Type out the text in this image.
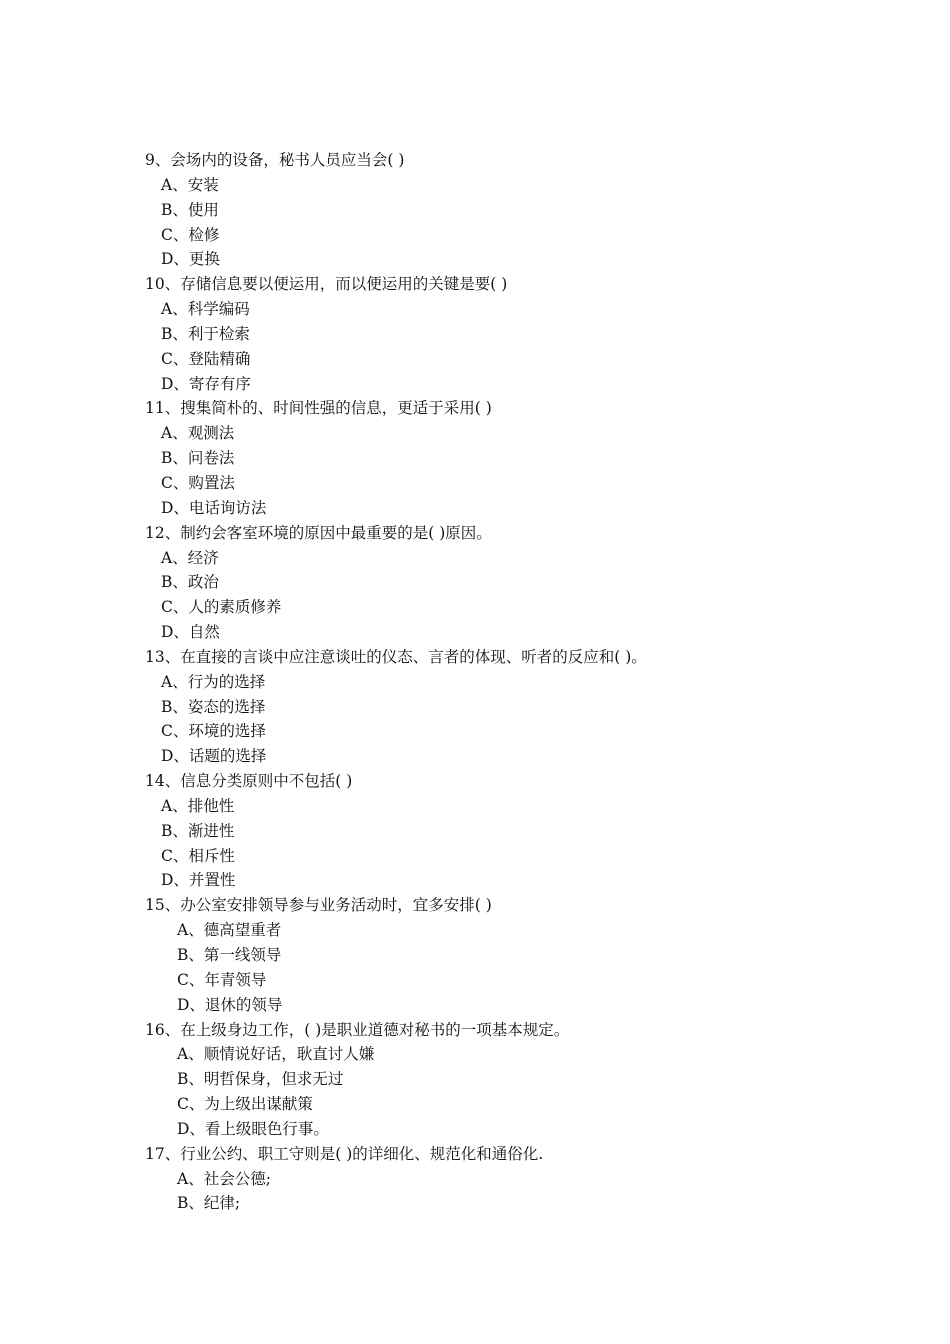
9、会场内的设备，秘书人员应当会( )
A、安装
B、使用
C、检修
D、更换
10、存储信息要以便运用，而以便运用的关键是要( )
A、科学编码
B、利于检索
C、登陆精确
D、寄存有序
11、搜集简朴的、时间性强的信息，更适于采用( )
A、观测法
B、问卷法
C、购置法
D、电话询访法
12、制约会客室环境的原因中最重要的是( )原因。
A、经济
B、政治
C、人的素质修养
D、自然
13、在直接的言谈中应注意谈吐的仪态、言者的体现、听者的反应和( )。
A、行为的选择
B、姿态的选择
C、环境的选择
D、话题的选择
14、信息分类原则中不包括( )
A、排他性
B、渐进性
C、相斥性
D、并置性
15、办公室安排领导参与业务活动时，宜多安排( )
A、德高望重者
B、第一线领导
C、年青领导
D、退休的领导
16、在上级身边工作，( )是职业道德对秘书的一项基本规定。
A、顺情说好话，耿直讨人嫌
B、明哲保身，但求无过
C、为上级出谋献策
D、看上级眼色行事。
17、行业公约、职工守则是( )的详细化、规范化和通俗化.
A、社会公德;
B、纪律;
